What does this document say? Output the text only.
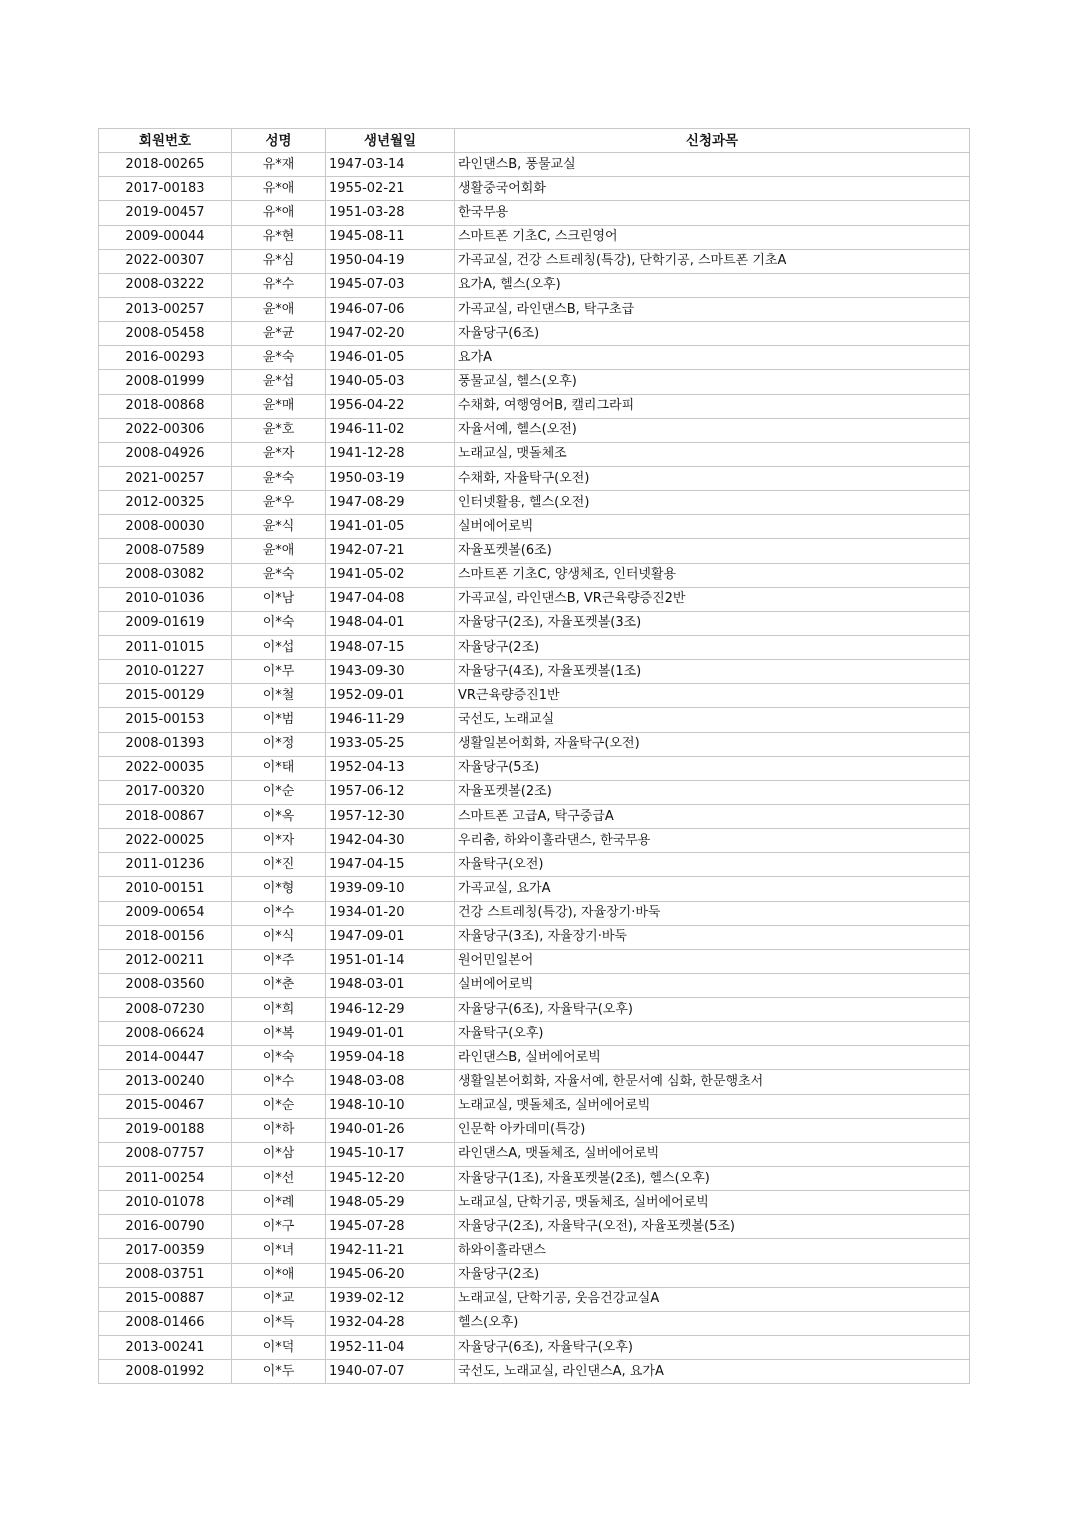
회원번호	성명	생년월일	신청과목
2018-00265	유*재	1947-03-14	라인댄스B, 풍물교실
2017-00183	유*애	1955-02-21	생활중국어회화
2019-00457	유*애	1951-03-28	한국무용
2009-00044	유*현	1945-08-11	스마트폰 기초C, 스크린영어
2022-00307	유*심	1950-04-19	가곡교실, 건강 스트레칭(특강), 단학기공, 스마트폰 기초A
2008-03222	유*수	1945-07-03	요가A, 헬스(오후)
2013-00257	윤*애	1946-07-06	가곡교실, 라인댄스B, 탁구초급
2008-05458	윤*균	1947-02-20	자율당구(6조)
2016-00293	윤*숙	1946-01-05	요가A
2008-01999	윤*섭	1940-05-03	풍물교실, 헬스(오후)
2018-00868	윤*매	1956-04-22	수채화, 여행영어B, 캘리그라피
2022-00306	윤*호	1946-11-02	자율서예, 헬스(오전)
2008-04926	윤*자	1941-12-28	노래교실, 맷돌체조
2021-00257	윤*숙	1950-03-19	수채화, 자율탁구(오전)
2012-00325	윤*우	1947-08-29	인터넷활용, 헬스(오전)
2008-00030	윤*식	1941-01-05	실버에어로빅
2008-07589	윤*애	1942-07-21	자율포켓볼(6조)
2008-03082	윤*숙	1941-05-02	스마트폰 기초C, 양생체조, 인터넷활용
2010-01036	이*남	1947-04-08	가곡교실, 라인댄스B, VR근육량증진2반
2009-01619	이*숙	1948-04-01	자율당구(2조), 자율포켓볼(3조)
2011-01015	이*섭	1948-07-15	자율당구(2조)
2010-01227	이*무	1943-09-30	자율당구(4조), 자율포켓볼(1조)
2015-00129	이*철	1952-09-01	VR근육량증진1반
2015-00153	이*범	1946-11-29	국선도, 노래교실
2008-01393	이*정	1933-05-25	생활일본어회화, 자율탁구(오전)
2022-00035	이*태	1952-04-13	자율당구(5조)
2017-00320	이*순	1957-06-12	자율포켓볼(2조)
2018-00867	이*옥	1957-12-30	스마트폰 고급A, 탁구중급A
2022-00025	이*자	1942-04-30	우리춤, 하와이훌라댄스, 한국무용
2011-01236	이*진	1947-04-15	자율탁구(오전)
2010-00151	이*형	1939-09-10	가곡교실, 요가A
2009-00654	이*수	1934-01-20	건강 스트레칭(특강), 자율장기·바둑
2018-00156	이*식	1947-09-01	자율당구(3조), 자율장기·바둑
2012-00211	이*주	1951-01-14	원어민일본어
2008-03560	이*춘	1948-03-01	실버에어로빅
2008-07230	이*희	1946-12-29	자율당구(6조), 자율탁구(오후)
2008-06624	이*복	1949-01-01	자율탁구(오후)
2014-00447	이*숙	1959-04-18	라인댄스B, 실버에어로빅
2013-00240	이*수	1948-03-08	생활일본어회화, 자율서예, 한문서예 심화, 한문행초서
2015-00467	이*순	1948-10-10	노래교실, 맷돌체조, 실버에어로빅
2019-00188	이*하	1940-01-26	인문학 아카데미(특강)
2008-07757	이*삼	1945-10-17	라인댄스A, 맷돌체조, 실버에어로빅
2011-00254	이*선	1945-12-20	자율당구(1조), 자율포켓볼(2조), 헬스(오후)
2010-01078	이*례	1948-05-29	노래교실, 단학기공, 맷돌체조, 실버에어로빅
2016-00790	이*구	1945-07-28	자율당구(2조), 자율탁구(오전), 자율포켓볼(5조)
2017-00359	이*녀	1942-11-21	하와이훌라댄스
2008-03751	이*애	1945-06-20	자율당구(2조)
2015-00887	이*교	1939-02-12	노래교실, 단학기공, 웃음건강교실A
2008-01466	이*득	1932-04-28	헬스(오후)
2013-00241	이*덕	1952-11-04	자율당구(6조), 자율탁구(오후)
2008-01992	이*두	1940-07-07	국선도, 노래교실, 라인댄스A, 요가A
